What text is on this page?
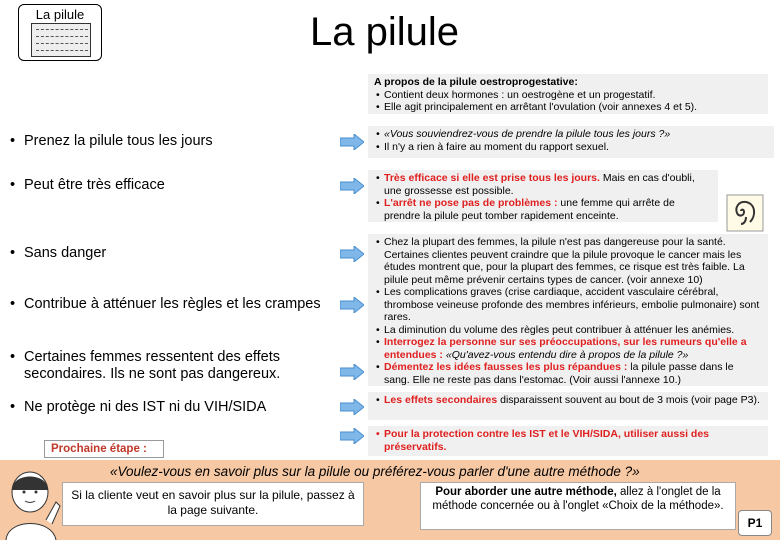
La pilule	La pilule
A propos de la pilule oestroprogestative:
• Contient deux hormones : un oestrogène et un progestatif.
• Elle agit principalement en arrêtant l'ovulation (voir annexes 4 et 5).
• Prenez la pilule tous les jours
• Peut être très efficace
• Sans danger
• Contribue à atténuer les règles et les crampes
• Certaines femmes ressentent des effets secondaires. Ils ne sont pas dangereux.
• Ne protège ni des IST ni du VIH/SIDA
• «Vous souviendrez-vous de prendre la pilule tous les jours ?»
• Il n'y a rien à faire au moment du rapport sexuel.
• Très efficace si elle est prise tous les jours. Mais en cas d'oubli, une grossesse est possible.
• L'arrêt ne pose pas de problèmes : une femme qui arrête de prendre la pilule peut tomber rapidement enceinte.
• Chez la plupart des femmes, la pilule n'est pas dangereuse pour la santé. Certaines clientes peuvent craindre que la pilule provoque le cancer mais les études montrent que, pour la plupart des femmes, ce risque est très faible. La pilule peut même prévenir certains types de cancer. (voir annexe 10)
• Les complications graves (crise cardiaque, accident vasculaire cérébral, thrombose veineuse profonde des membres inférieurs, embolie pulmonaire) sont rares.
• La diminution du volume des règles peut contribuer à atténuer les anémies.
• Interrogez la personne sur ses préoccupations, sur les rumeurs qu'elle a entendues : «Qu'avez-vous entendu dire à propos de la pilule ?»
• Démentez les idées fausses les plus répandues : la pilule passe dans le sang. Elle ne reste pas dans l'estomac. (Voir aussi l'annexe 10.)
• Les effets secondaires disparaissent souvent au bout de 3 mois (voir page P3).
• Pour la protection contre les IST et le VIH/SIDA, utiliser aussi des préservatifs.
Prochaine étape :
«Voulez-vous en savoir plus sur la pilule ou préférez-vous parler d'une autre méthode ?»
Si la cliente veut en savoir plus sur la pilule, passez à la page suivante.
Pour aborder une autre méthode, allez à l'onglet de la méthode concernée ou à l'onglet «Choix de la méthode».
P1
